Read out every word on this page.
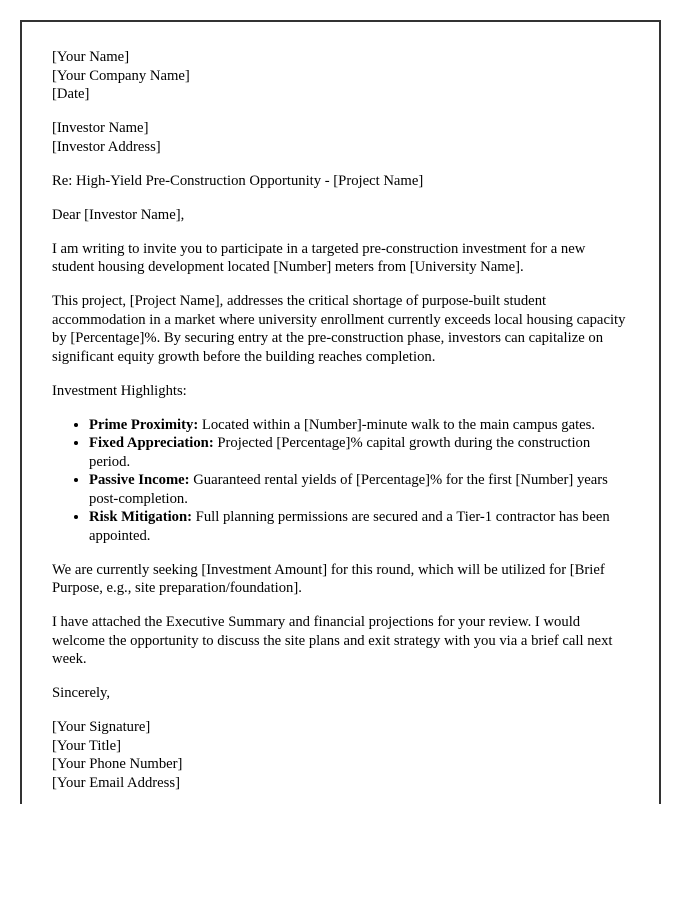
[Your Name]
[Your Company Name]
[Date]
[Investor Name]
[Investor Address]

Re: High-Yield Pre-Construction Opportunity - [Project Name]

Dear [Investor Name],

I am writing to invite you to participate in a targeted pre-construction investment for a new student housing development located [Number] meters from [University Name].

This project, [Project Name], addresses the critical shortage of purpose-built student accommodation in a market where university enrollment currently exceeds local housing capacity by [Percentage]%. By securing entry at the pre-construction phase, investors can capitalize on significant equity growth before the building reaches completion.

Investment Highlights:

• Prime Proximity: Located within a [Number]-minute walk to the main campus gates.
• Fixed Appreciation: Projected [Percentage]% capital growth during the construction period.
• Passive Income: Guaranteed rental yields of [Percentage]% for the first [Number] years post-completion.
• Risk Mitigation: Full planning permissions are secured and a Tier-1 contractor has been appointed.

We are currently seeking [Investment Amount] for this round, which will be utilized for [Brief Purpose, e.g., site preparation/foundation].

I have attached the Executive Summary and financial projections for your review. I would welcome the opportunity to discuss the site plans and exit strategy with you via a brief call next week.

Sincerely,

[Your Signature]
[Your Title]
[Your Phone Number]
[Your Email Address]
